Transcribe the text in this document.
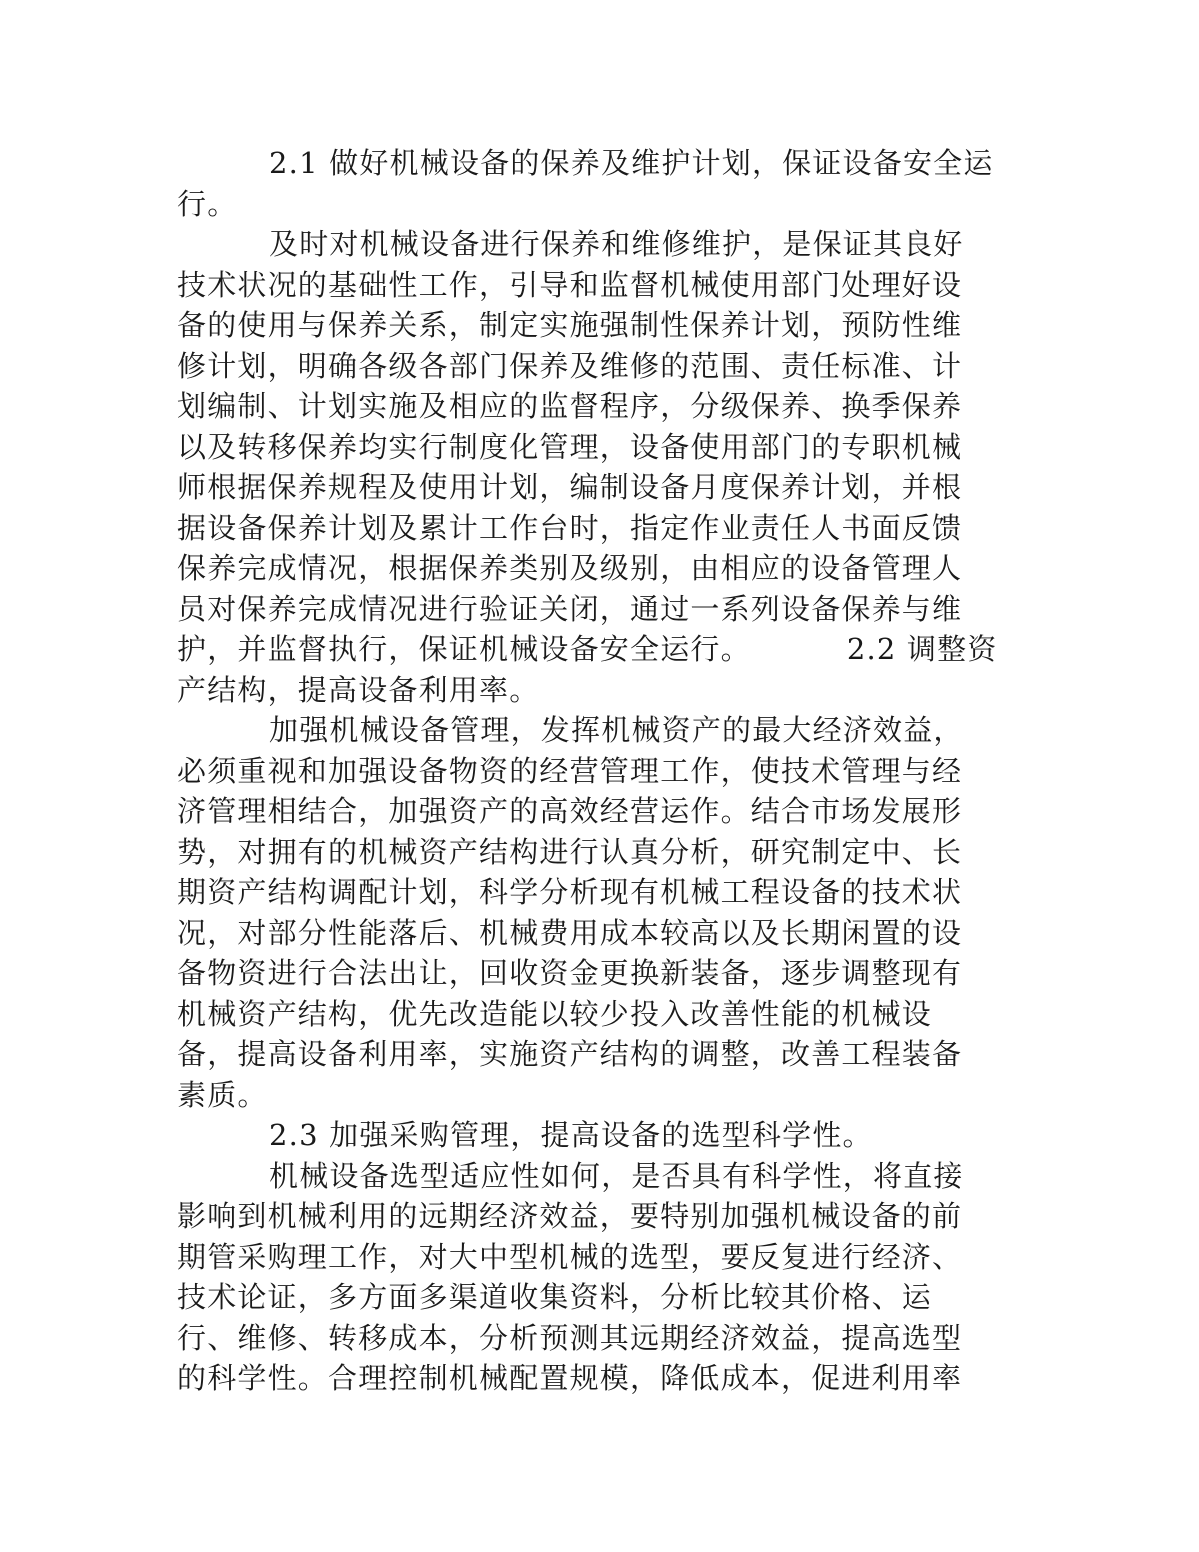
2.1 做好机械设备的保养及维护计划，保证设备安全运
行。
及时对机械设备进行保养和维修维护，是保证其良好
技术状况的基础性工作，引导和监督机械使用部门处理好设
备的使用与保养关系，制定实施强制性保养计划，预防性维
修计划，明确各级各部门保养及维修的范围、责任标准、计
划编制、计划实施及相应的监督程序，分级保养、换季保养
以及转移保养均实行制度化管理，设备使用部门的专职机械
师根据保养规程及使用计划，编制设备月度保养计划，并根
据设备保养计划及累计工作台时，指定作业责任人书面反馈
保养完成情况，根据保养类别及级别，由相应的设备管理人
员对保养完成情况进行验证关闭，通过一系列设备保养与维
护，并监督执行，保证机械设备安全运行。	2.2 调整资
产结构，提高设备利用率。
加强机械设备管理，发挥机械资产的最大经济效益，
必须重视和加强设备物资的经营管理工作，使技术管理与经
济管理相结合，加强资产的高效经营运作。结合市场发展形
势，对拥有的机械资产结构进行认真分析，研究制定中、长
期资产结构调配计划，科学分析现有机械工程设备的技术状
况，对部分性能落后、机械费用成本较高以及长期闲置的设
备物资进行合法出让，回收资金更换新装备，逐步调整现有
机械资产结构，优先改造能以较少投入改善性能的机械设
备，提高设备利用率，实施资产结构的调整，改善工程装备
素质。
2.3 加强采购管理，提高设备的选型科学性。
机械设备选型适应性如何，是否具有科学性，将直接
影响到机械利用的远期经济效益，要特别加强机械设备的前
期管采购理工作，对大中型机械的选型，要反复进行经济、
技术论证，多方面多渠道收集资料，分析比较其价格、运
行、维修、转移成本，分析预测其远期经济效益，提高选型
的科学性。合理控制机械配置规模，降低成本，促进利用率
